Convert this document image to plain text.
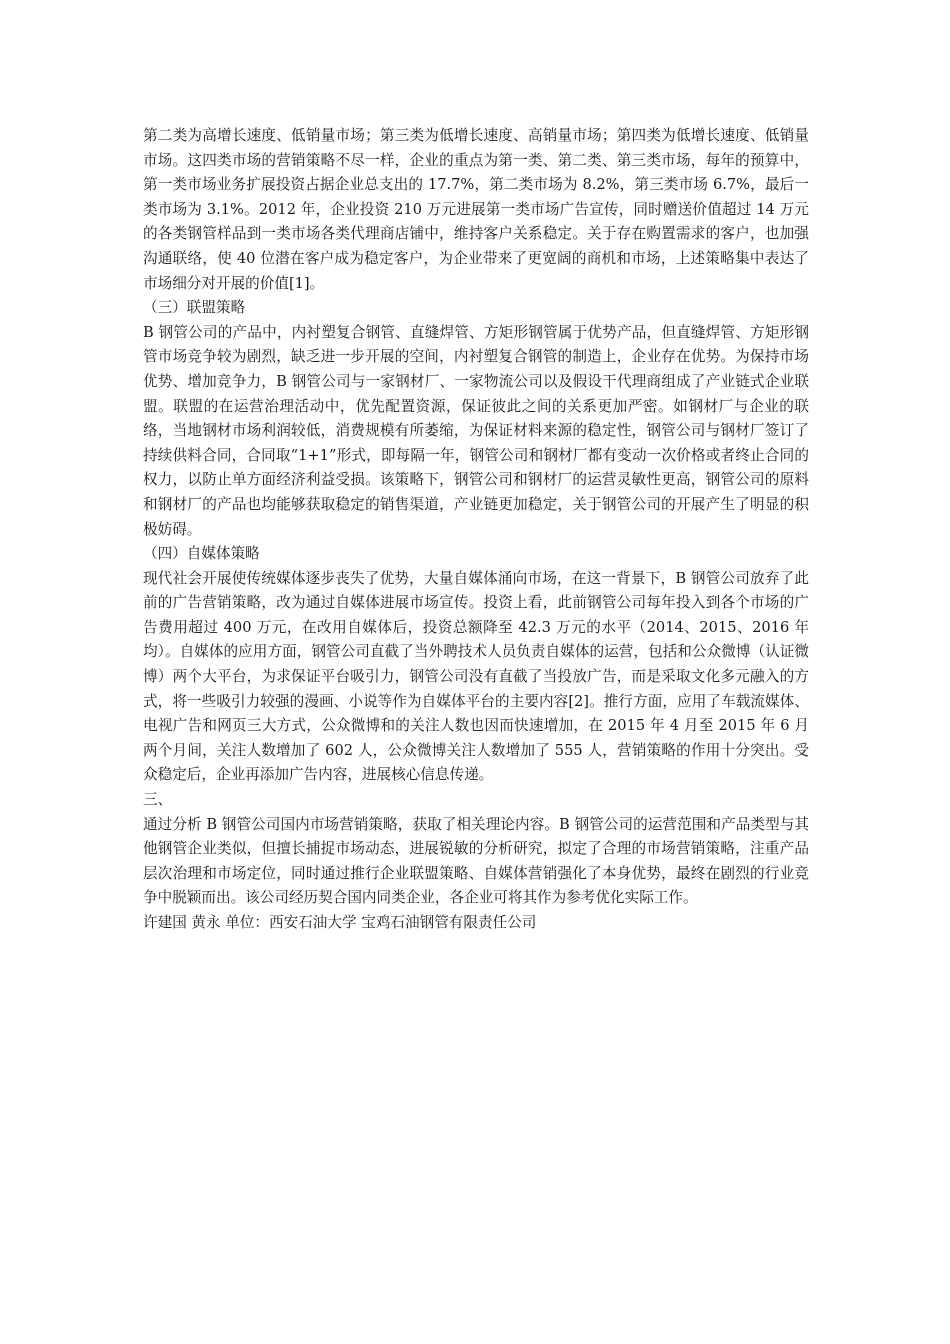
第二类为高增长速度、低销量市场；第三类为低增长速度、高销量市场；第四类为低增长速度、低销量市场。这四类市场的营销策略不尽一样，企业的重点为第一类、第二类、第三类市场，每年的预算中，第一类市场业务扩展投资占据企业总支出的 17.7%，第二类市场为 8.2%，第三类市场 6.7%，最后一类市场为 3.1%。2012 年，企业投资 210 万元进展第一类市场广告宣传，同时赠送价值超过 14 万元的各类钢管样品到一类市场各类代理商店铺中，维持客户关系稳定。关于存在购置需求的客户，也加强沟通联络，使 40 位潜在客户成为稳定客户，为企业带来了更宽阔的商机和市场，上述策略集中表达了市场细分对开展的价值[1]。

（三）联盟策略

B 钢管公司的产品中，内衬塑复合钢管、直缝焊管、方矩形钢管属于优势产品，但直缝焊管、方矩形钢管市场竞争较为剧烈，缺乏进一步开展的空间，内衬塑复合钢管的制造上，企业存在优势。为保持市场优势、增加竞争力，B 钢管公司与一家钢材厂、一家物流公司以及假设干代理商组成了产业链式企业联盟。联盟的在运营治理活动中，优先配置资源，保证彼此之间的关系更加严密。如钢材厂与企业的联络，当地钢材市场利润较低，消费规模有所萎缩，为保证材料来源的稳定性，钢管公司与钢材厂签订了持续供料合同，合同取“1+1”形式，即每隔一年，钢管公司和钢材厂都有变动一次价格或者终止合同的权力，以防止单方面经济利益受损。该策略下，钢管公司和钢材厂的运营灵敏性更高，钢管公司的原料和钢材厂的产品也均能够获取稳定的销售渠道，产业链更加稳定，关于钢管公司的开展产生了明显的积极妨碍。

（四）自媒体策略

现代社会开展使传统媒体逐步丧失了优势，大量自媒体涌向市场，在这一背景下，B 钢管公司放弃了此前的广告营销策略，改为通过自媒体进展市场宣传。投资上看，此前钢管公司每年投入到各个市场的广告费用超过 400 万元，在改用自媒体后，投资总额降至 42.3 万元的水平（2014、2015、2016 年均）。自媒体的应用方面，钢管公司直截了当外聘技术人员负责自媒体的运营，包括和公众微博（认证微博）两个大平台，为求保证平台吸引力，钢管公司没有直截了当投放广告，而是采取文化多元融入的方式，将一些吸引力较强的漫画、小说等作为自媒体平台的主要内容[2]。推行方面，应用了车载流媒体、电视广告和网页三大方式，公众微博和的关注人数也因而快速增加，在 2015 年 4 月至 2015 年 6 月两个月间，关注人数增加了 602 人，公众微博关注人数增加了 555 人，营销策略的作用十分突出。受众稳定后，企业再添加广告内容，进展核心信息传递。

三、

通过分析 B 钢管公司国内市场营销策略，获取了相关理论内容。B 钢管公司的运营范围和产品类型与其他钢管企业类似，但擅长捕捉市场动态，进展锐敏的分析研究，拟定了合理的市场营销策略，注重产品层次治理和市场定位，同时通过推行企业联盟策略、自媒体营销强化了本身优势，最终在剧烈的行业竞争中脱颖而出。该公司经历契合国内同类企业，各企业可将其作为参考优化实际工作。

许建国 黄永 单位：西安石油大学 宝鸡石油钢管有限责任公司
